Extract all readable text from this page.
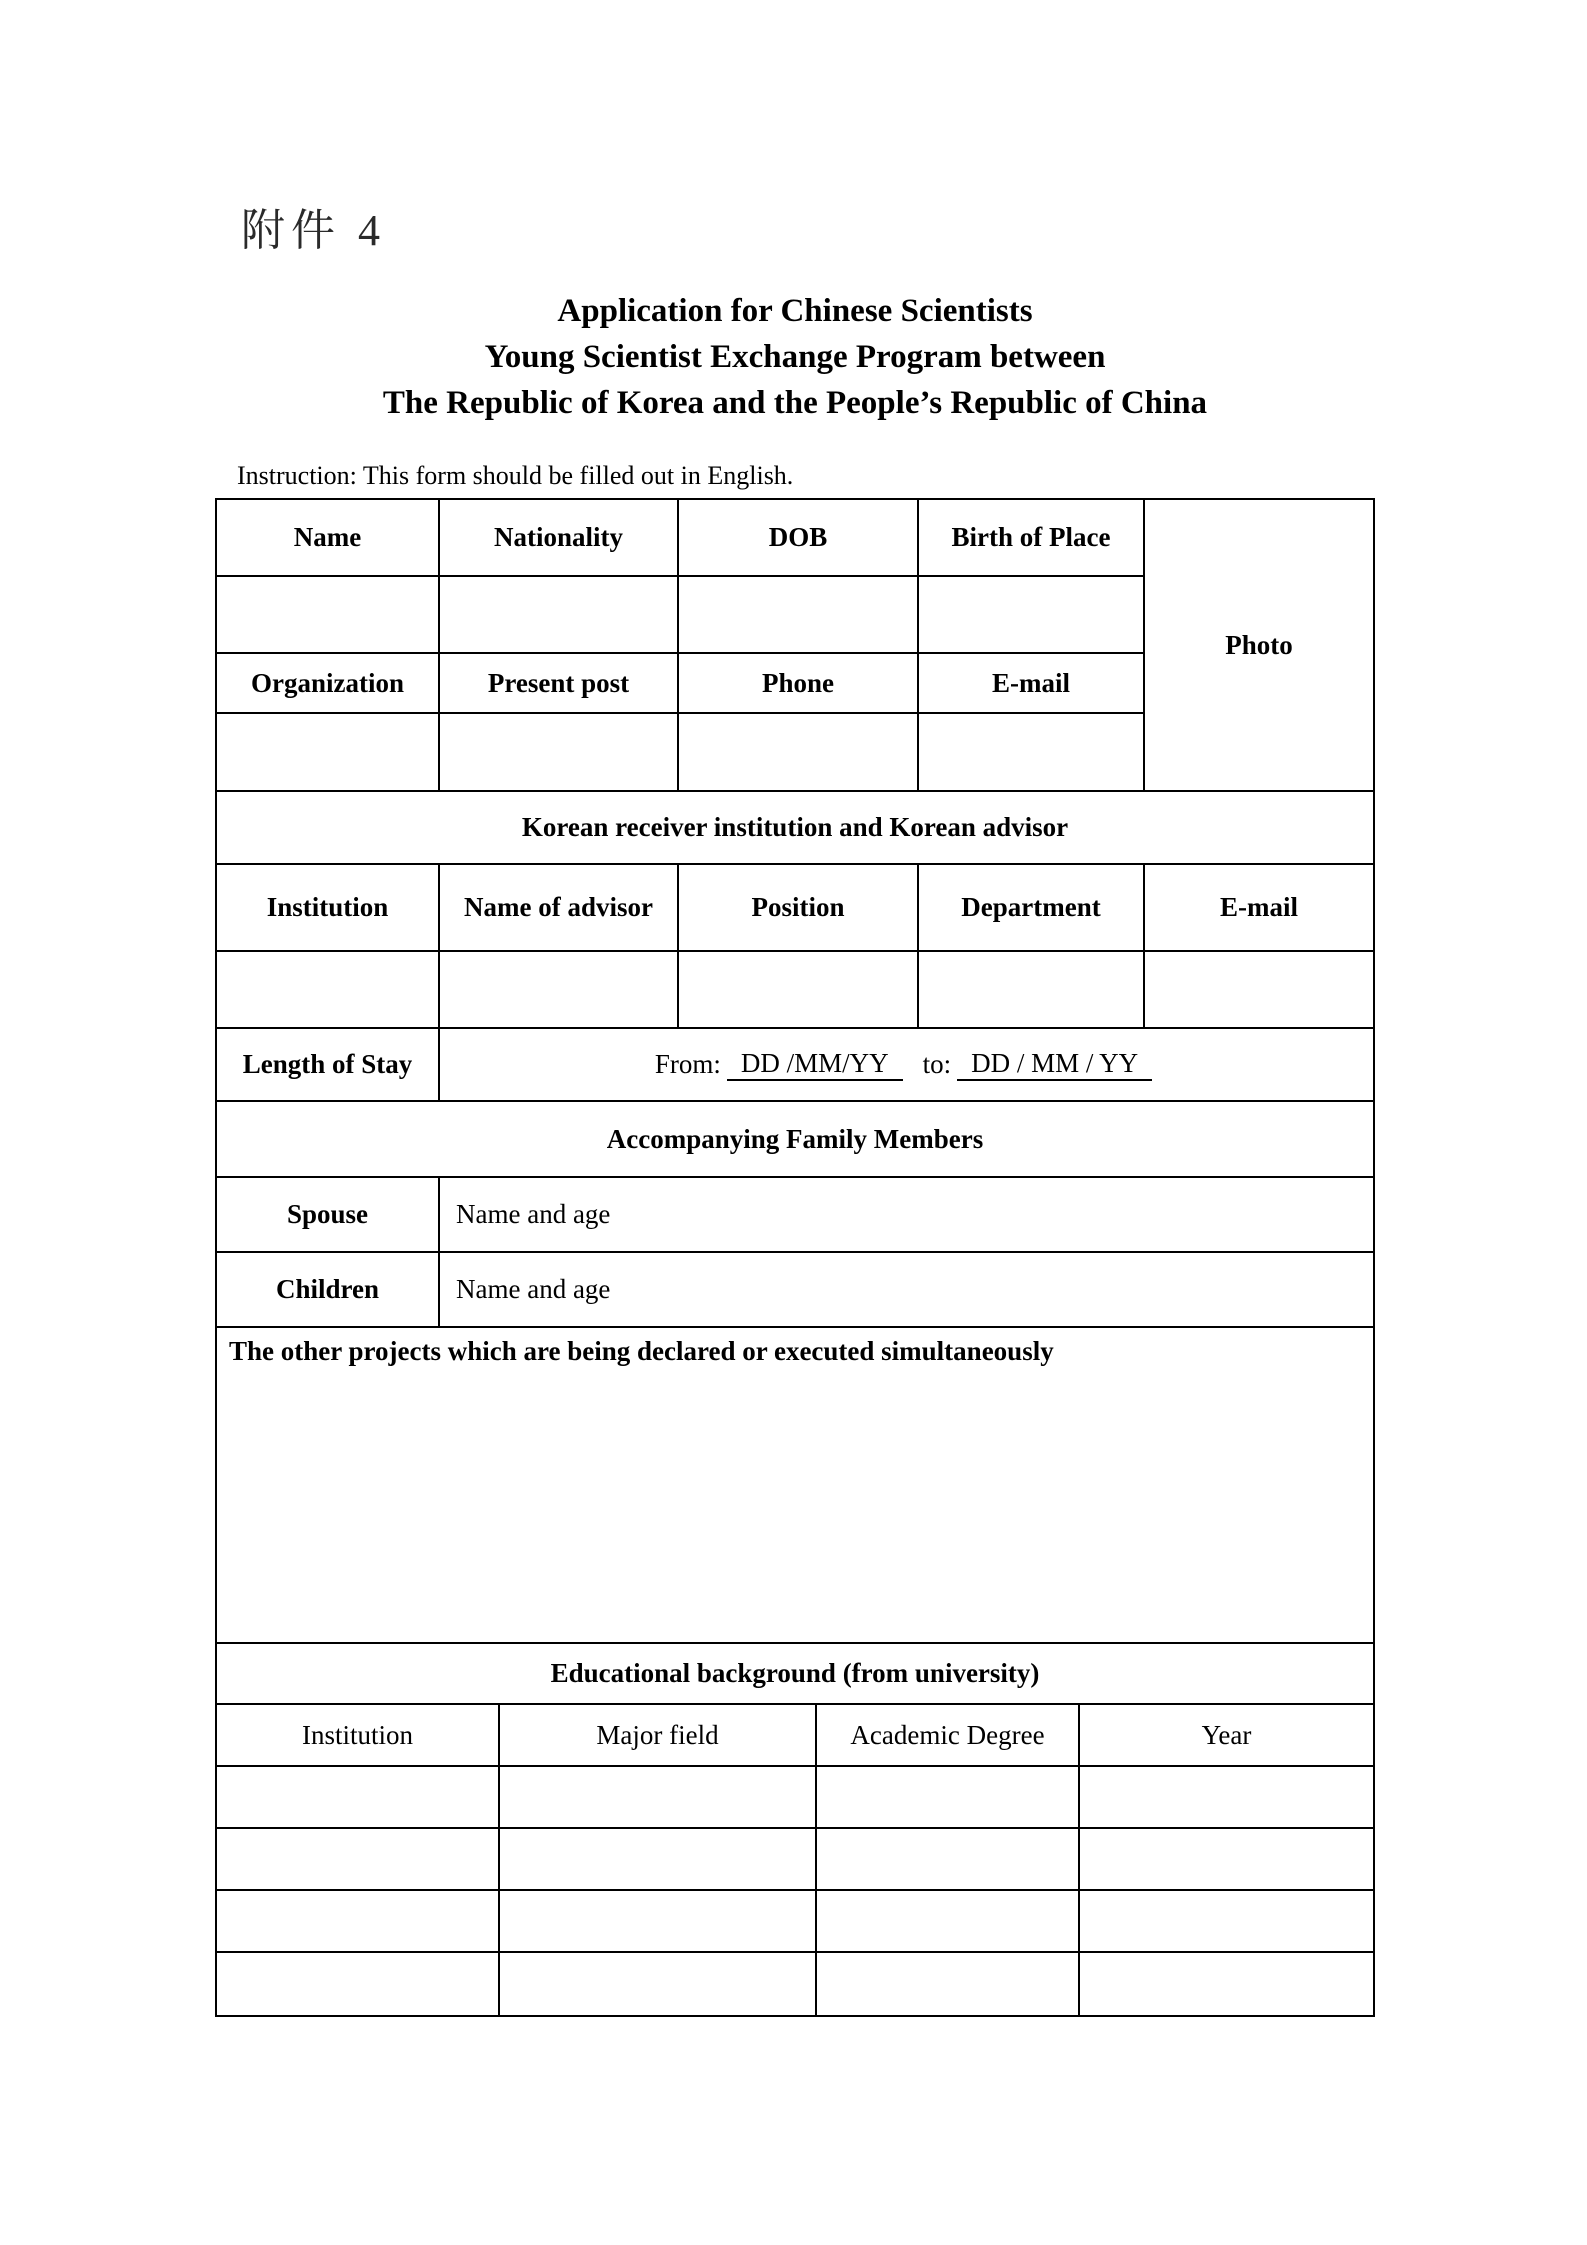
附件 4
Application for Chinese Scientists
Young Scientist Exchange Program between
The Republic of Korea and the People’s Republic of China
Instruction: This form should be filled out in English.
Name	Nationality	DOB	Birth of Place
Organization	Present post	Phone	E-mail
Photo
Korean receiver institution and Korean advisor
Institution	Name of advisor	Position	Department	E-mail
Length of Stay	From: DD /MM/YY	to: DD / MM / YY
Accompanying Family Members
Spouse	Name and age
Children	Name and age
The other projects which are being declared or executed simultaneously
Educational background (from university)
Institution	Major field	Academic Degree	Year
